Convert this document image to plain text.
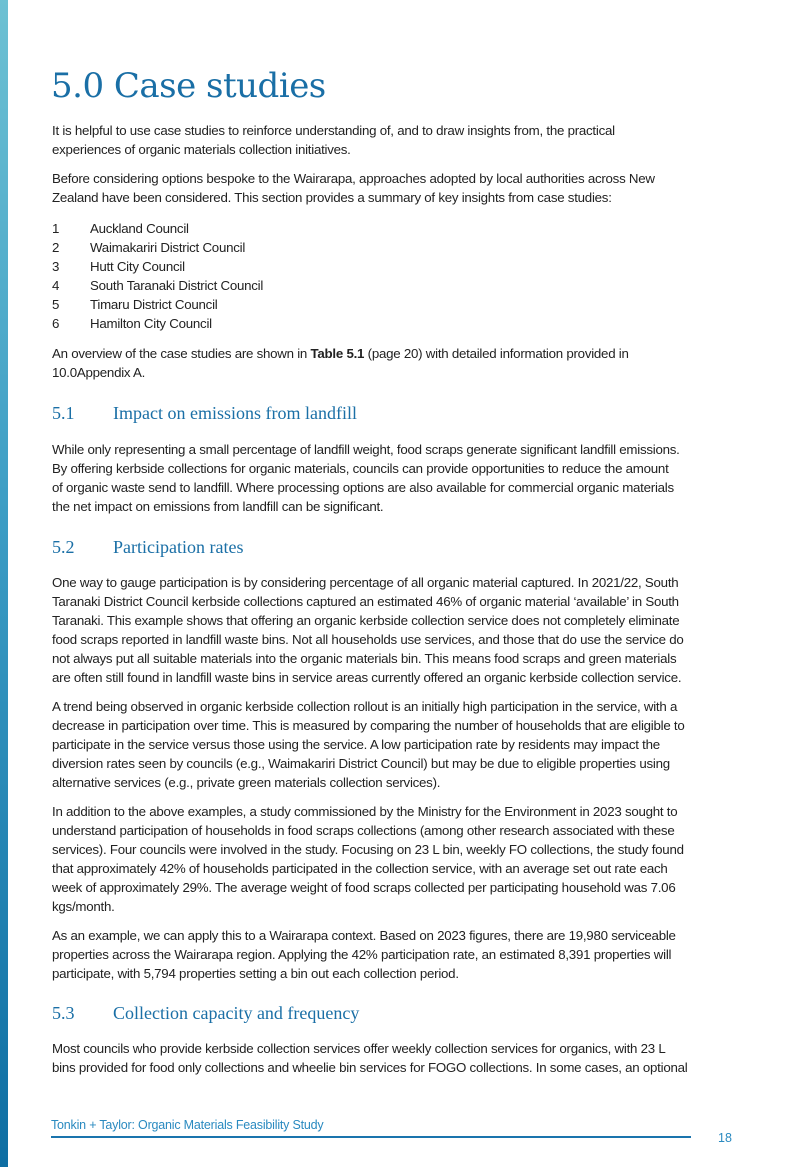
5.0 Case studies
It is helpful to use case studies to reinforce understanding of, and to draw insights from, the practical
experiences of organic materials collection initiatives.
Before considering options bespoke to the Wairarapa, approaches adopted by local authorities across New
Zealand have been considered. This section provides a summary of key insights from case studies:
1 Auckland Council
2 Waimakariri District Council
3 Hutt City Council
4 South Taranaki District Council
5 Timaru District Council
6 Hamilton City Council
An overview of the case studies are shown in Table 5.1 (page 20) with detailed information provided in
10.0Appendix A.
5.1 Impact on emissions from landfill
While only representing a small percentage of landfill weight, food scraps generate significant landfill emissions.
By offering kerbside collections for organic materials, councils can provide opportunities to reduce the amount
of organic waste send to landfill. Where processing options are also available for commercial organic materials
the net impact on emissions from landfill can be significant.
5.2 Participation rates
One way to gauge participation is by considering percentage of all organic material captured. In 2021/22, South
Taranaki District Council kerbside collections captured an estimated 46% of organic material ‘available’ in South
Taranaki. This example shows that offering an organic kerbside collection service does not completely eliminate
food scraps reported in landfill waste bins. Not all households use services, and those that do use the service do
not always put all suitable materials into the organic materials bin. This means food scraps and green materials
are often still found in landfill waste bins in service areas currently offered an organic kerbside collection service.
A trend being observed in organic kerbside collection rollout is an initially high participation in the service, with a
decrease in participation over time. This is measured by comparing the number of households that are eligible to
participate in the service versus those using the service. A low participation rate by residents may impact the
diversion rates seen by councils (e.g., Waimakariri District Council) but may be due to eligible properties using
alternative services (e.g., private green materials collection services).
In addition to the above examples, a study commissioned by the Ministry for the Environment in 2023 sought to
understand participation of households in food scraps collections (among other research associated with these
services). Four councils were involved in the study. Focusing on 23 L bin, weekly FO collections, the study found
that approximately 42% of households participated in the collection service, with an average set out rate each
week of approximately 29%. The average weight of food scraps collected per participating household was 7.06
kgs/month.
As an example, we can apply this to a Wairarapa context. Based on 2023 figures, there are 19,980 serviceable
properties across the Wairarapa region. Applying the 42% participation rate, an estimated 8,391 properties will
participate, with 5,794 properties setting a bin out each collection period.
5.3 Collection capacity and frequency
Most councils who provide kerbside collection services offer weekly collection services for organics, with 23 L
bins provided for food only collections and wheelie bin services for FOGO collections. In some cases, an optional
Tonkin + Taylor: Organic Materials Feasibility Study
18
